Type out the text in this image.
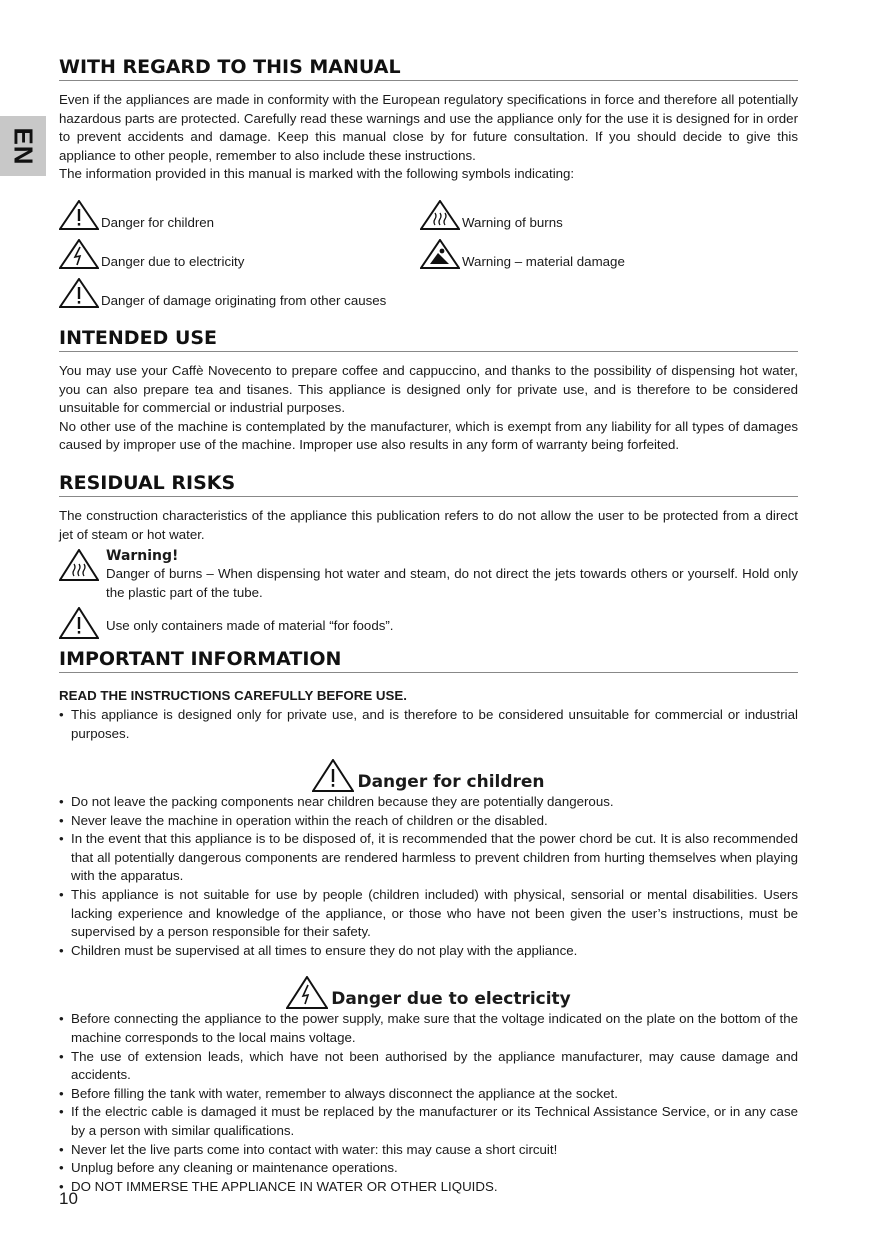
EN
WITH REGARD TO THIS MANUAL

Even if the appliances are made in conformity with the European regulatory specifications in force and therefore all potentially hazardous parts are protected. Carefully read these warnings and use the appliance only for the use it is designed for in order to prevent accidents and damage. Keep this manual close by for future consultation. If you should decide to give this appliance to other people, remember to also include these instructions.

The information provided in this manual is marked with the following symbols indicating:

Danger for children	Warning of burns
Danger due to electricity	Warning – material damage
Danger of damage originating from other causes
INTENDED USE

You may use your Caffè Novecento to prepare coffee and cappuccino, and thanks to the possibility of dispensing hot water, you can also prepare tea and tisanes. This appliance is designed only for private use, and is therefore to be considered unsuitable for commercial or industrial purposes.

No other use of the machine is contemplated by the manufacturer, which is exempt from any liability for all types of damages caused by improper use of the machine. Improper use also results in any form of warranty being forfeited.

RESIDUAL RISKS

The construction characteristics of the appliance this publication refers to do not allow the user to be protected from a direct jet of steam or hot water.

Warning!

Danger of burns – When dispensing hot water and steam, do not direct the jets towards others or yourself. Hold only the plastic part of the tube.

Use only containers made of material “for foods”.

IMPORTANT INFORMATION
READ THE INSTRUCTIONS CAREFULLY BEFORE USE.
• This appliance is designed only for private use, and is therefore to be considered unsuitable for commercial or industrial purposes.
Danger for children
• Do not leave the packing components near children because they are potentially dangerous.
• Never leave the machine in operation within the reach of children or the disabled.
• In the event that this appliance is to be disposed of, it is recommended that the power chord be cut. It is also recommended that all potentially dangerous components are rendered harmless to prevent children from hurting themselves when playing with the apparatus.
• This appliance is not suitable for use by people (children included) with physical, sensorial or mental disabilities. Users lacking experience and knowledge of the appliance, or those who have not been given the user’s instructions, must be supervised by a person responsible for their safety.
• Children must be supervised at all times to ensure they do not play with the appliance.
Danger due to electricity
• Before connecting the appliance to the power supply, make sure that the voltage indicated on the plate on the bottom of the machine corresponds to the local mains voltage.
• The use of extension leads, which have not been authorised by the appliance manufacturer, may cause damage and accidents.
• Before filling the tank with water, remember to always disconnect the appliance at the socket.
• If the electric cable is damaged it must be replaced by the manufacturer or its Technical Assistance Service, or in any case by a person with similar qualifications.
• Never let the live parts come into contact with water: this may cause a short circuit!
• Unplug before any cleaning or maintenance operations.
• DO NOT IMMERSE THE APPLIANCE IN WATER OR OTHER LIQUIDS.
10
